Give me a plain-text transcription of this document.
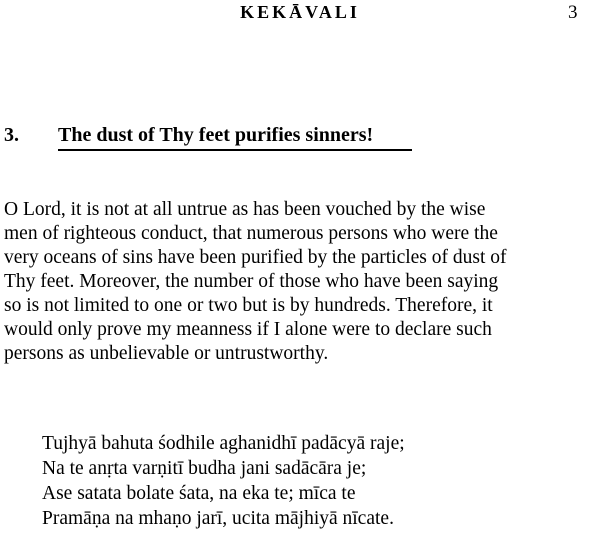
KEKĀVALI	3
3. The dust of Thy feet purifies sinners!
O Lord, it is not at all untrue as has been vouched by the wise
men of righteous conduct, that numerous persons who were the
very oceans of sins have been purified by the particles of dust of
Thy feet. Moreover, the number of those who have been saying
so is not limited to one or two but is by hundreds. Therefore, it
would only prove my meanness if I alone were to declare such
persons as unbelievable or untrustworthy.
Tujhyā bahuta śodhile aghanidhī padācyā raje;
Na te anṛta varṇitī budha jani sadācāra je;
Ase satata bolate śata, na eka te; mīca te
Pramāṇa na mhaṇo jarī, ucita mājhiyā nīcate.
